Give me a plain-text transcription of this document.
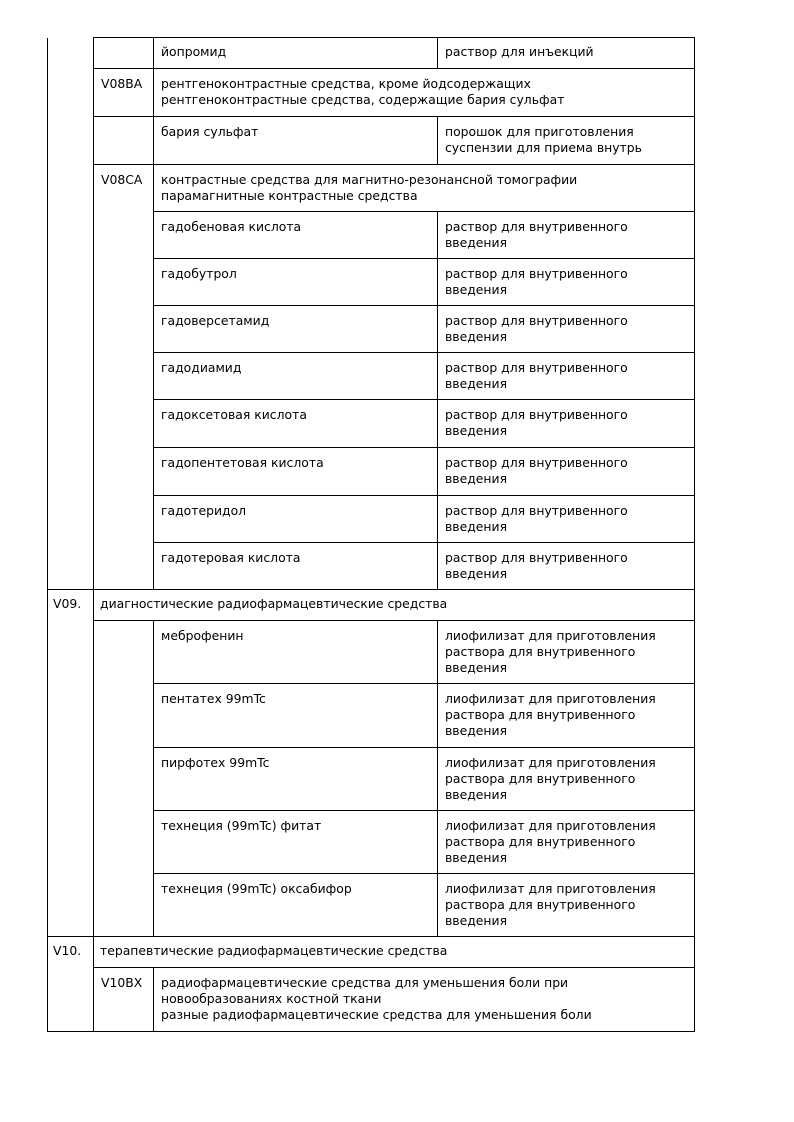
		йопромид	раствор для инъекций

	V08BA	рентгеноконтрастные средства, кроме йодсодержащих
рентгеноконтрастные средства, содержащие бария сульфат	

		бария сульфат	порошок для приготовления
суспензии для приема внутрь

	V08CA	контрастные средства для магнитно-резонансной томографии
парамагнитные контрастные средства	

		гадобеновая кислота	раствор для внутривенного
введения

		гадобутрол	раствор для внутривенного
введения

		гадоверсетамид	раствор для внутривенного
введения

		гадодиамид	раствор для внутривенного
введения

		гадоксетовая кислота	раствор для внутривенного
введения

		гадопентетовая кислота	раствор для внутривенного
введения

		гадотеридол	раствор для внутривенного
введения

		гадотеровая кислота	раствор для внутривенного
введения

V09.	диагностические радиофармацевтические средства		

		меброфенин	лиофилизат для приготовления
раствора для внутривенного
введения

		пентатех 99mTc	лиофилизат для приготовления
раствора для внутривенного
введения

		пирфотех 99mTc	лиофилизат для приготовления
раствора для внутривенного
введения

		технеция (99mTc) фитат	лиофилизат для приготовления
раствора для внутривенного
введения

		технеция (99mTc) оксабифор	лиофилизат для приготовления
раствора для внутривенного
введения

V10.	терапевтические радиофармацевтические средства		

	V10BX	радиофармацевтические средства для уменьшения боли при
новообразованиях костной ткани
разные радиофармацевтические средства для уменьшения боли	
